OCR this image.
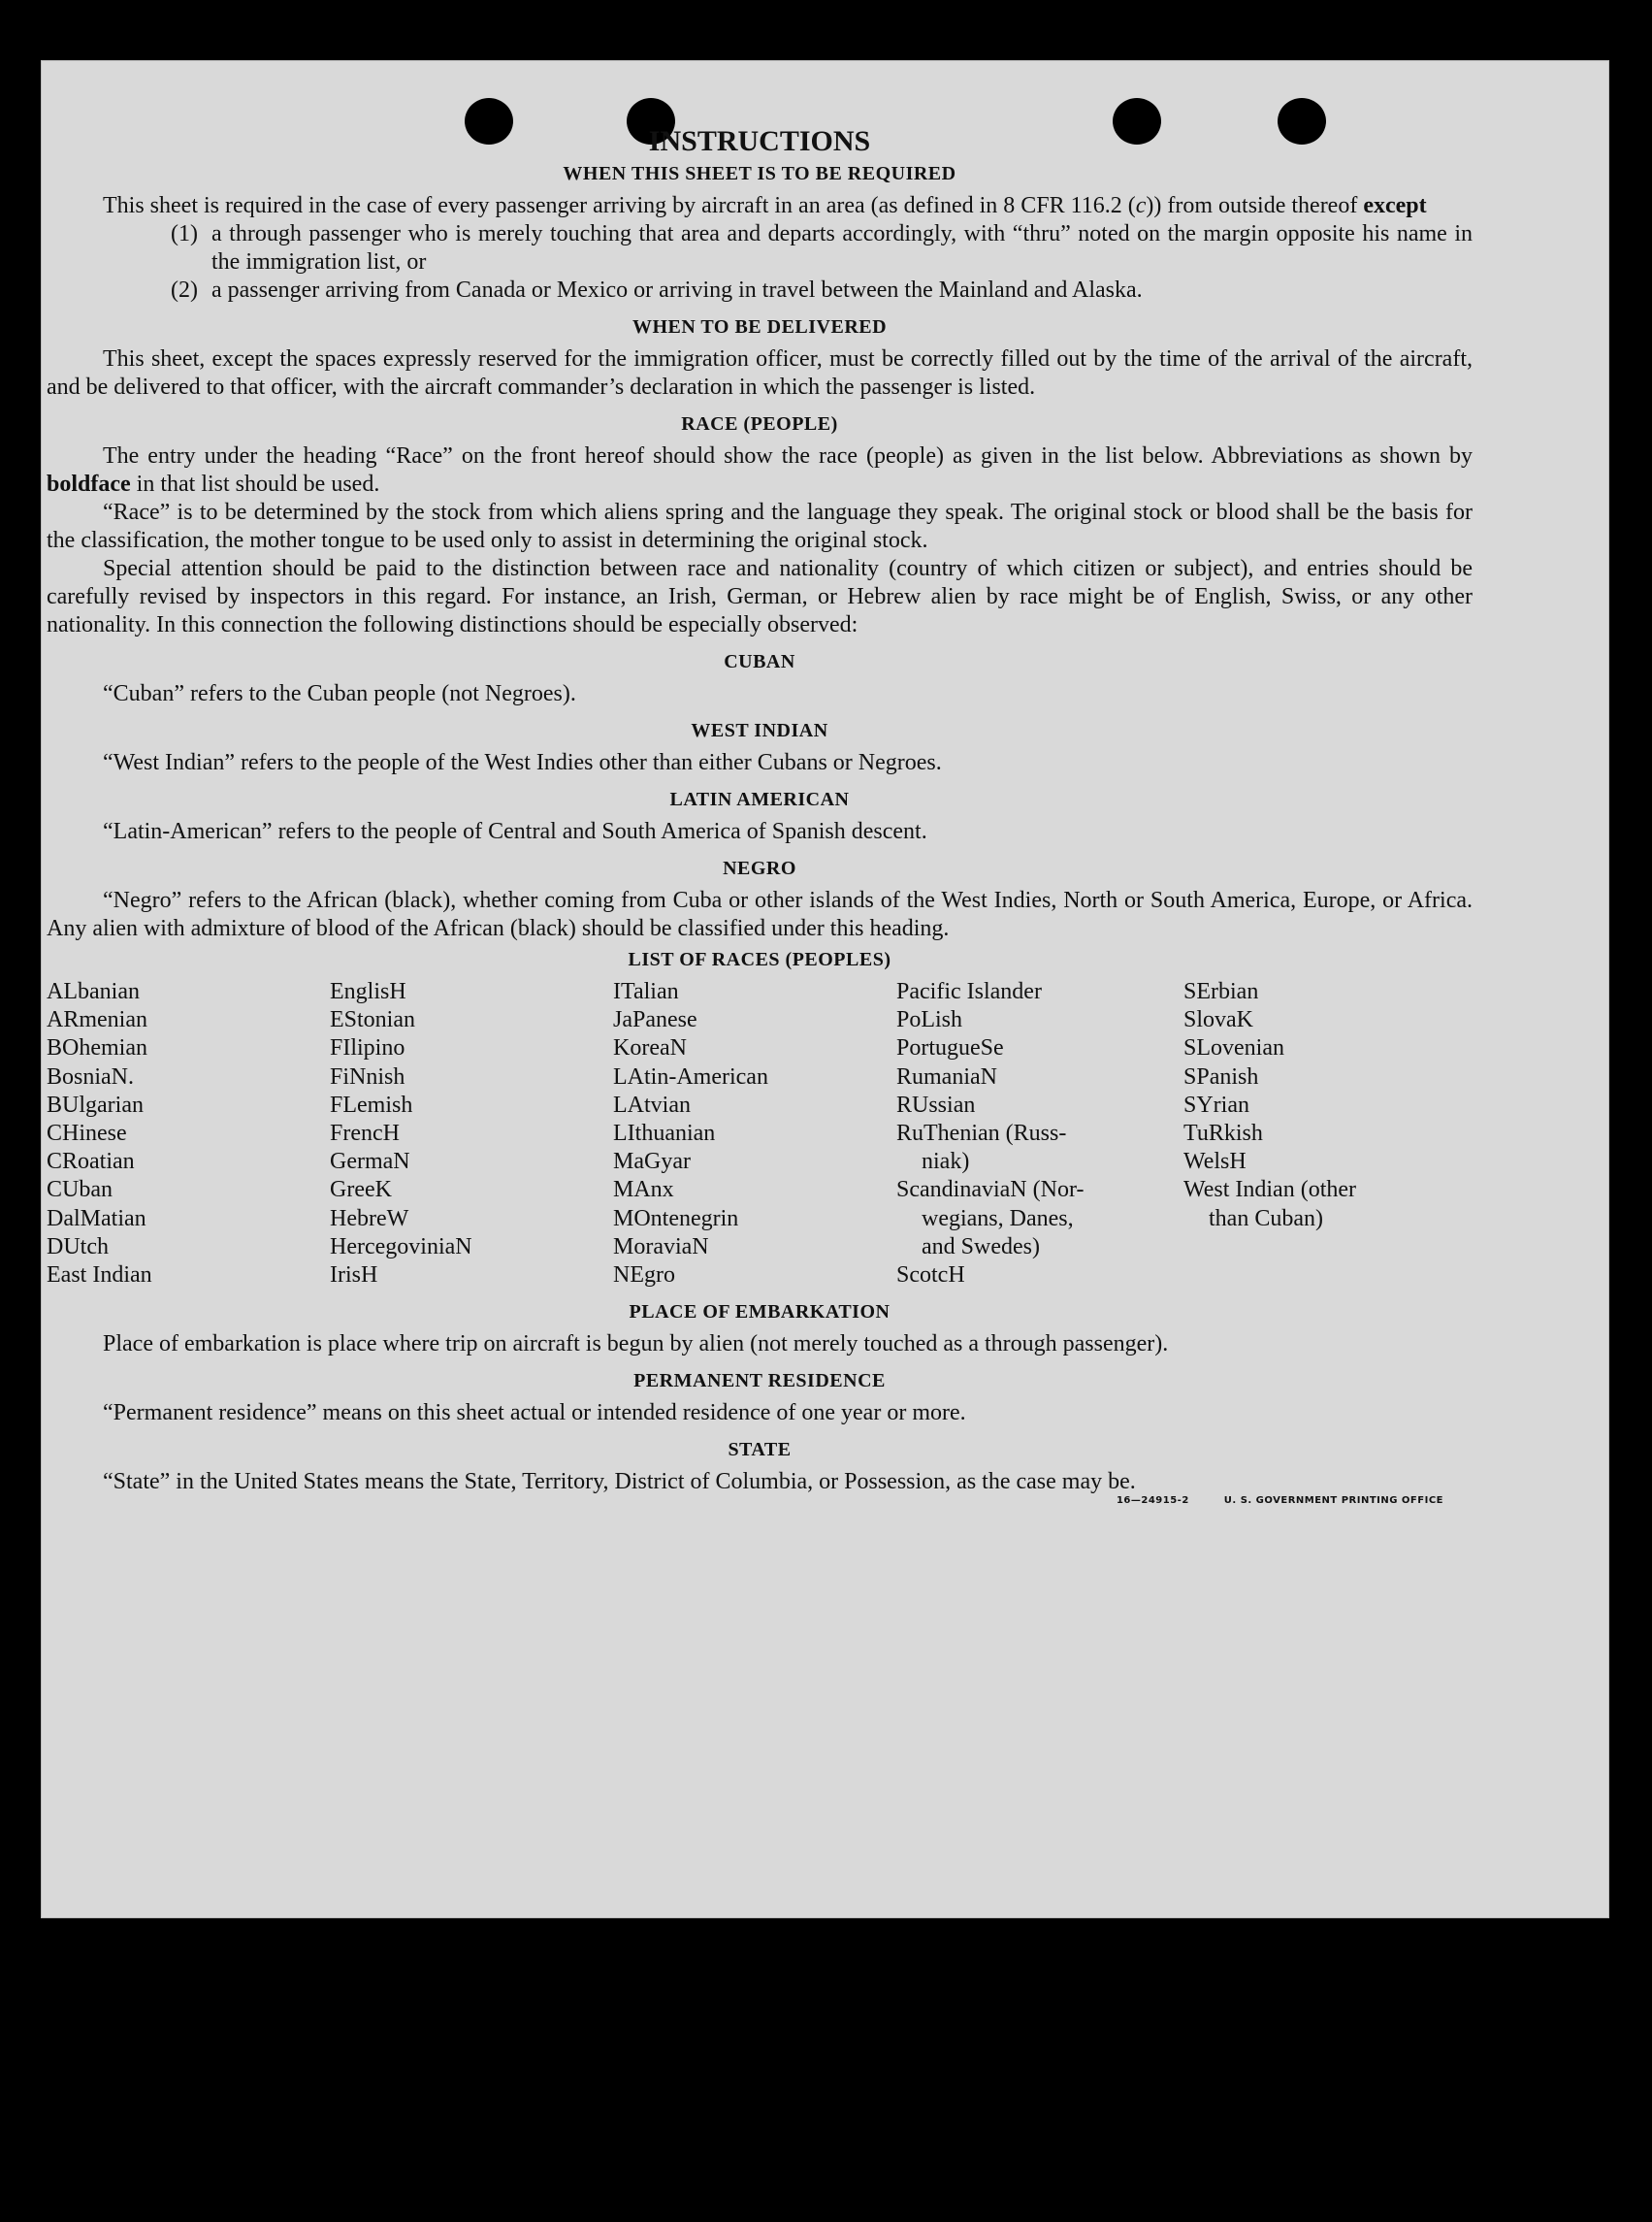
INSTRUCTIONS
WHEN THIS SHEET IS TO BE REQUIRED

This sheet is required in the case of every passenger arriving by aircraft in an area (as defined in 8 CFR 116.2 (c)) from outside thereof except

(1) a through passenger who is merely touching that area and departs accordingly, with “thru” noted on the margin opposite his name in the immigration list, or

(2) a passenger arriving from Canada or Mexico or arriving in travel between the Mainland and Alaska.

WHEN TO BE DELIVERED

This sheet, except the spaces expressly reserved for the immigration officer, must be correctly filled out by the time of the arrival of the aircraft, and be delivered to that officer, with the aircraft commander’s declaration in which the passenger is listed.

RACE (PEOPLE)

The entry under the heading “Race” on the front hereof should show the race (people) as given in the list below. Abbreviations as shown by boldface in that list should be used.

“Race” is to be determined by the stock from which aliens spring and the language they speak. The original stock or blood shall be the basis for the classification, the mother tongue to be used only to assist in determining the original stock.

Special attention should be paid to the distinction between race and nationality (country of which citizen or subject), and entries should be carefully revised by inspectors in this regard. For instance, an Irish, German, or Hebrew alien by race might be of English, Swiss, or any other nationality. In this connection the following distinctions should be especially observed:

CUBAN

“Cuban” refers to the Cuban people (not Negroes).

WEST INDIAN

“West Indian” refers to the people of the West Indies other than either Cubans or Negroes.

LATIN AMERICAN

“Latin-American” refers to the people of Central and South America of Spanish descent.

NEGRO

“Negro” refers to the African (black), whether coming from Cuba or other islands of the West Indies, North or South America, Europe, or Africa. Any alien with admixture of blood of the African (black) should be classified under this heading.

LIST OF RACES (PEOPLES)
ALbanian
ARmenian
BOhemian
BosniaN.
BUlgarian
CHinese
CRoatian
CUban
DalMatian
DUtch
East Indian
EnglisH
EStonian
FIlipino
FiNnish
FLemish
FrencH
GermaN
GreeK
HebreW
HercegoviniaN
IrisH
ITalian
JaPanese
KoreaN
LAtin-American
LAtvian
LIthuanian
MaGyar
MAnx
MOntenegrin
MoraviaN
NEgro
Pacific Islander
PoLish
PortugueSe
RumaniaN
RUssian
RuThenian (Russ-
niak)
ScandinaviaN (Nor-
wegians, Danes,
and Swedes)
ScotcH
SErbian
SlovaK
SLovenian
SPanish
SYrian
TuRkish
WelsH
West Indian (other
than Cuban)
PLACE OF EMBARKATION

Place of embarkation is place where trip on aircraft is begun by alien (not merely touched as a through passenger).

PERMANENT RESIDENCE

“Permanent residence” means on this sheet actual or intended residence of one year or more.

STATE

“State” in the United States means the State, Territory, District of Columbia, or Possession, as the case may be.

16—24915-2	U. S. GOVERNMENT PRINTING OFFICE
